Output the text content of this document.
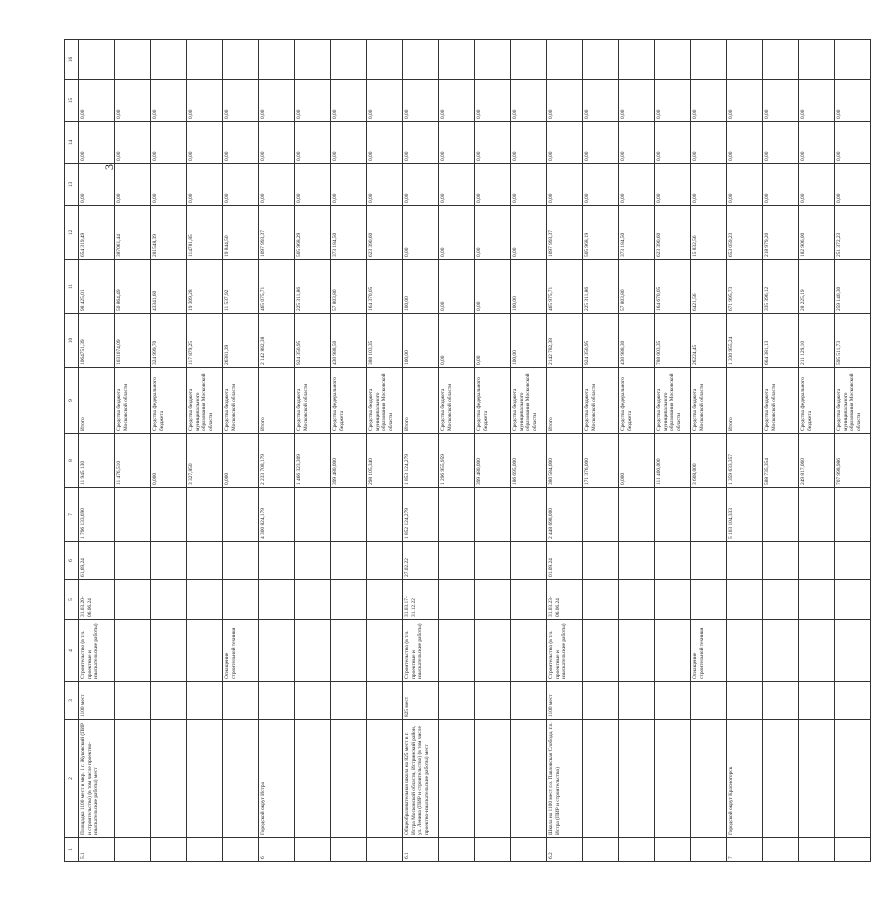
3
1	2	3	4	5	6	7	8	9	10	11	12	13	14	15	16
5.1	Площадка 1100 мест в мкр. 1 г. Жуковский (ПИР и строительство) (в том числе проектно-изыскательские работы) мест	1100 мест	Строительство (в т.ч. проектные и изыскательские работы)	31.03.20-06.06.24	61,69,24	1 796 133,690	11 945 130	Итого	1064751,39	98 425,01	654 319,49	0,00	0,00	0,00	
							11 476,510	Средства бюджета Московской области	1031074,09	50 864,49	387061,44	0,00	0,00	0,00	
							0,000	Средства федерального бюджета	324 999,70	43341,60	281548,39	0,00	0,00	0,00	
							3 327,850	Средства бюджета муниципального образования Московской области	117 879,25	19 309,28	114781,85	0,00	0,00	0,00	
			Оснащение строительной техники				0,000	Средства бюджета Московской области	26381,39	11 537,92	19 844,50	0,00	0,00	0,00	
6	Городской округ Истра					4 300 824,179	2 233 708,179	Итого	2 142 882,38	465 075,71	1097 993,37	0,00	0,00	0,00	
							1 466 323,309	Средства бюджета Московской области	924 350,95	225 311,86	505 968,29	0,00	0,00	0,00	
							399 480,000	Средства федерального бюджета	430 988,50	57 803,80	373 184,50	0,00	0,00	0,00	
							298 105,340	Средства бюджета муниципального образования Московской области	388 103,35	164 370,05	623 390,60	0,00	0,00	0,00	
6.1	Общеобразовательная школа на 825 мест в г. Истра Московской области, Истринский район, ул. Ленина (ПИР и строительство) (в том числе проектно-изыскательские работы) мест	825 мест	Строительство (в т.ч. проектные и изыскательские работы)	31.03.17-31.12.22	27.02.22	1 852 124,279	1 853 124,279	Итого	100,00	100,00	0,00	0,00	0,00	0,00	
							1 296 955,959	Средства бюджета Московской области	0,00	0,00	0,00	0,00	0,00	0,00	
							399 480,000	Средства федерального бюджета	0,00	0,00	0,00	0,00	0,00	0,00	
							186 695,000	Средства бюджета муниципального образования Московской области	100,00	100,00	0,00	0,00	0,00	0,00	
6.2	Школа на 1100 мест г.о. Павловская Слобода, г.о. Истра (ПИР и строительство)	1100 мест	Строительство (в т.ч. проектные и изыскательские работы)	31.03.23-06.06.24	01.09.24	2 448 698,000	380 584,000	Итого	2142 782,38	465 975,71	1097 993,37	0,00	0,00	0,00	
							171 376,000	Средства бюджета Московской области	924 350,95	225 311,86	505 968,19	0,00	0,00	0,00	
							0,000	Средства федерального бюджета	430 988,30	57 803,80	373 184,50	0,00	0,00	0,00	
							111 400,000	Средства бюджета муниципального образования Московской области	788 003,35	164 670,05	623 390,60	0,00	0,00	0,00	
			Оснащение строительной техники				3 608,000	Средства бюджета Московской области	26224,45	6421,56	15 832,56	0,00	0,00	0,00	
7	Городской округ Красногорск					5 103 104,333	1 359 633,357	Итого	1 330 955,24	671 995,73	653 059,23	0,00	0,00	0,00	
							588 735,354	Средства бюджета Московской области	664 381,13	335 396,12	218 979,20	0,00	0,00	0,00	
							249 817,060	Средства федерального бюджета	211 129,10	28 225,19	182 906,00	0,00	0,00	0,00	
							707 998,986	Средства бюджета муниципального образования Московской области	595 511,73	259 140,30	251 372,23	0,00	0,00	0,00	
